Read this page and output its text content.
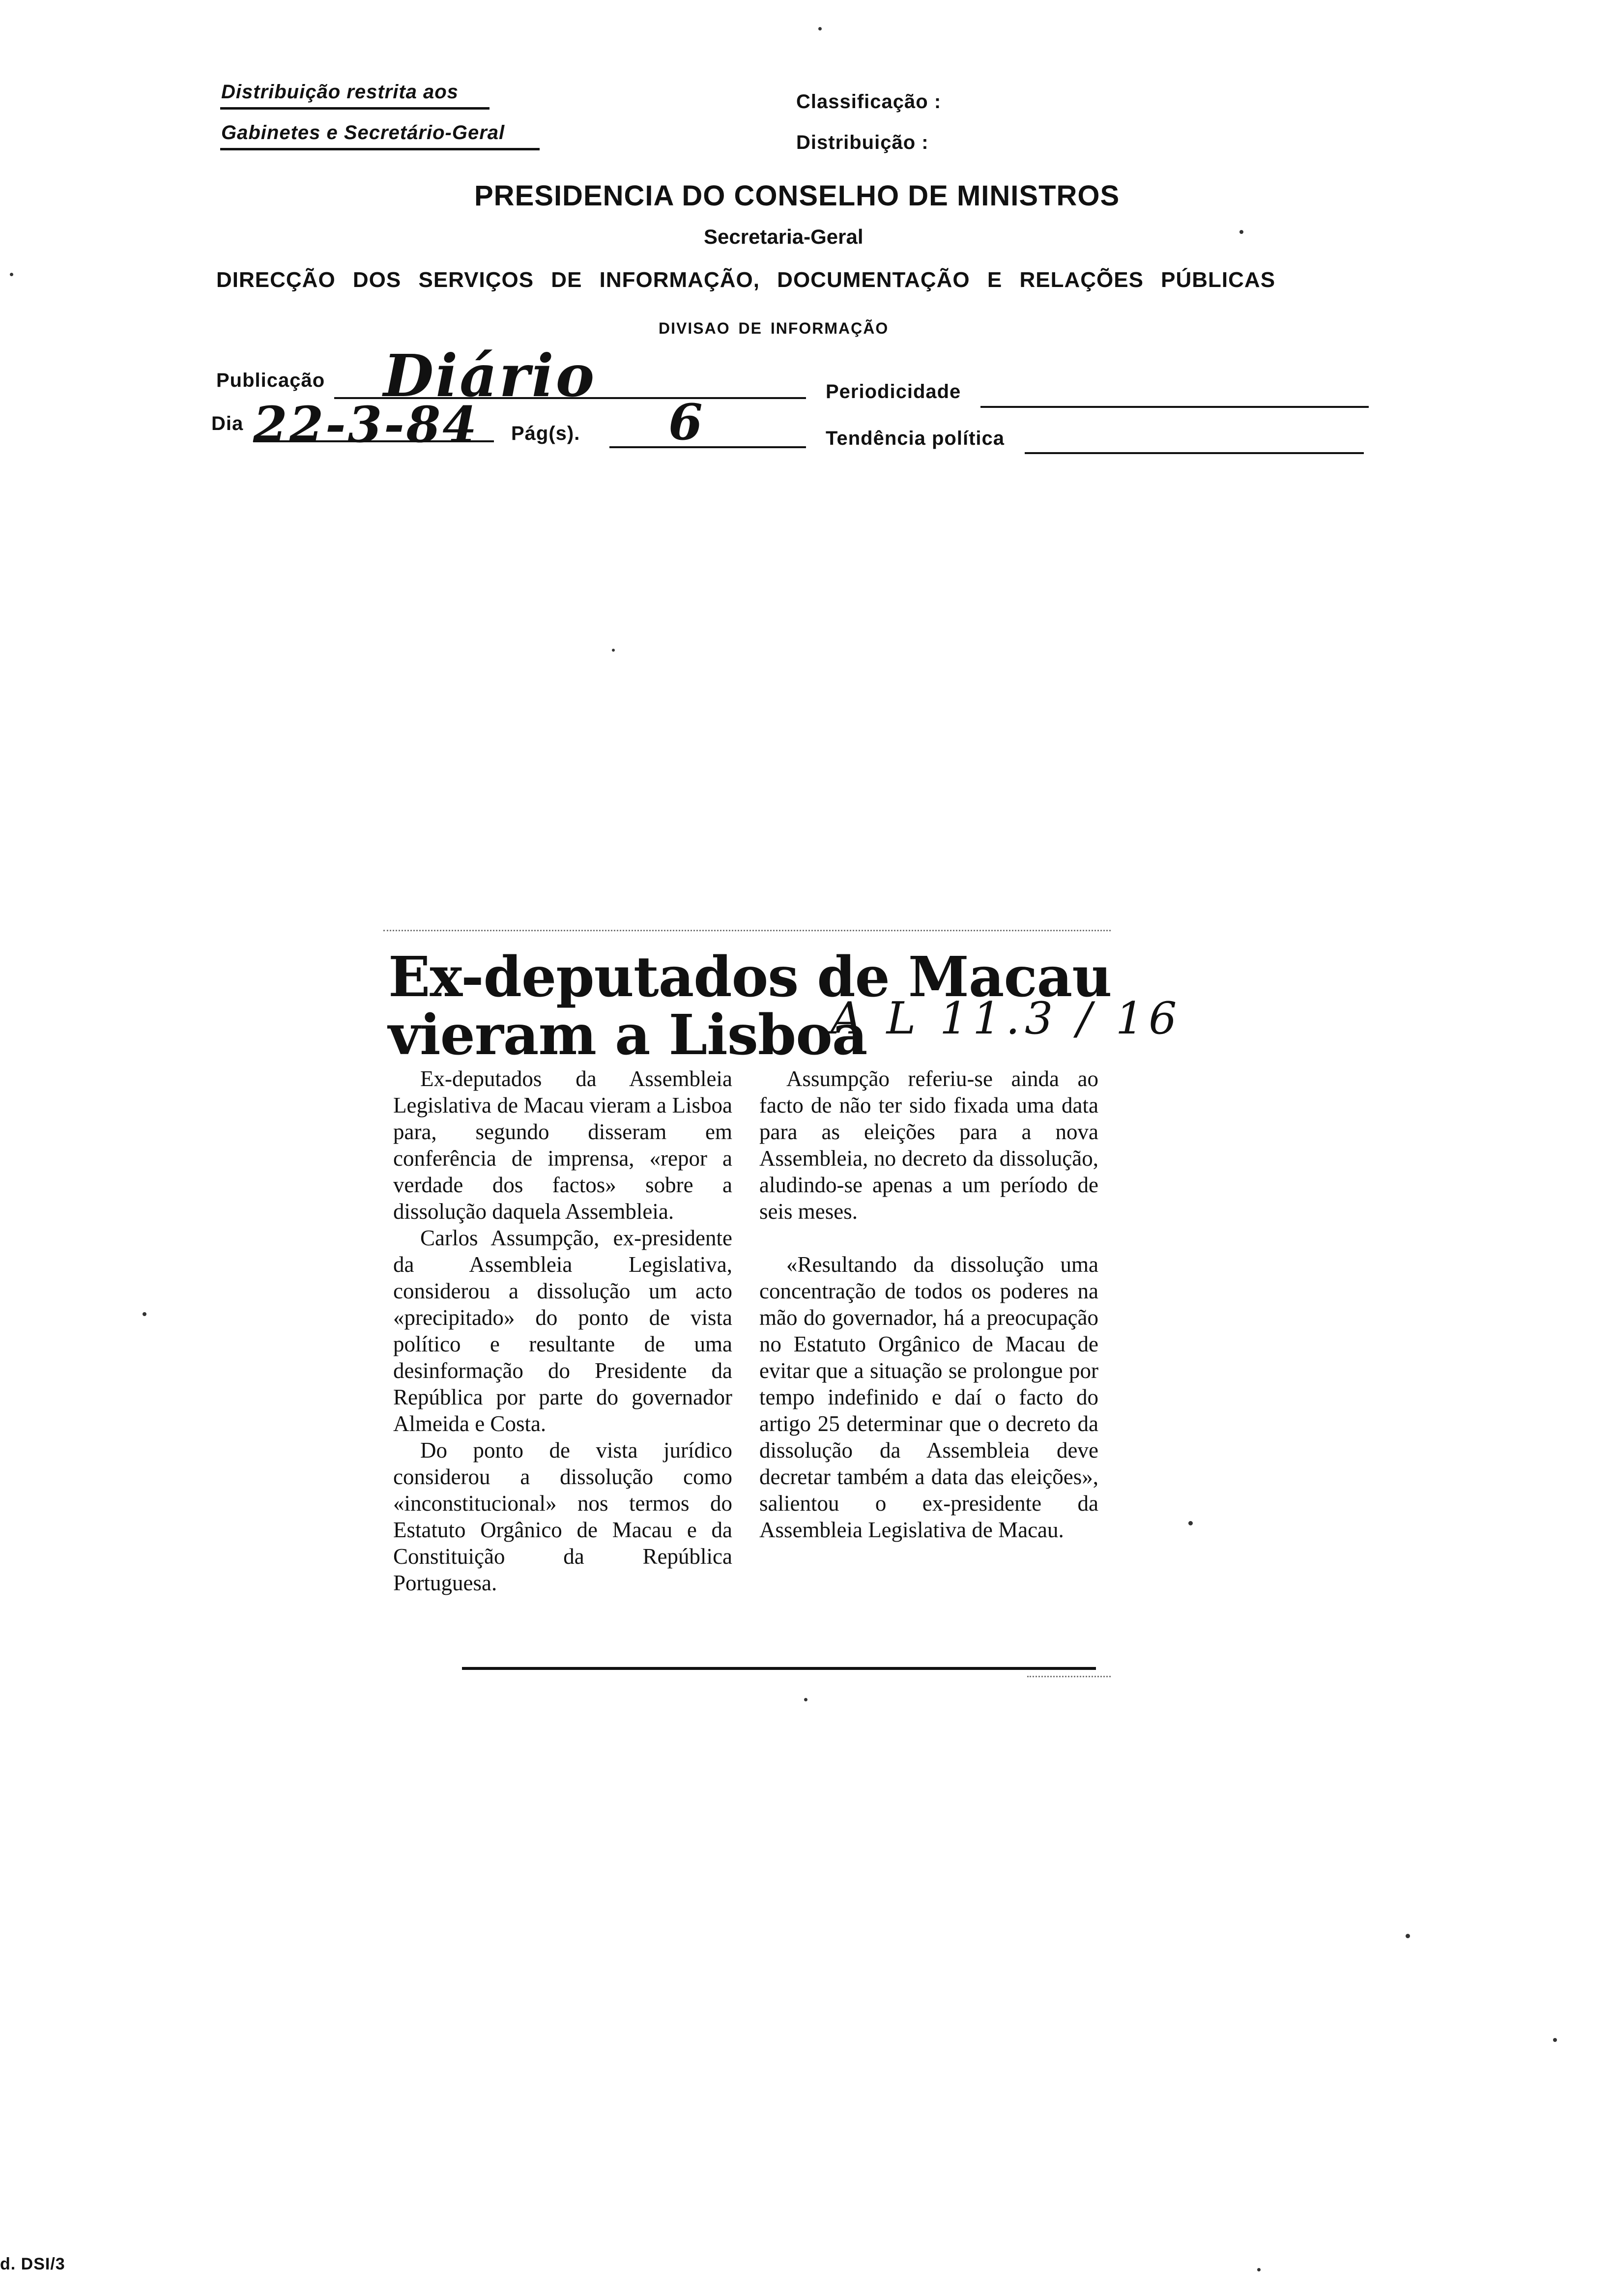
Distribuição restrita aos
Gabinetes e Secretário-Geral
Classificação :
Distribuição :
PRESIDENCIA DO CONSELHO DE MINISTROS
Secretaria-Geral
DIRECÇÃO DOS SERVIÇOS DE INFORMAÇÃO, DOCUMENTAÇÃO E RELAÇÕES PÚBLICAS
DIVISAO DE INFORMAÇÃO
Publicação Diário	Periodicidade
Dia 22-3-84 Pág(s). 6	Tendência política
Ex-deputados de Macau
vieram a Lisboa
A L 11.3 / 16

Ex-deputados da Assembleia Legislativa de Macau vieram a Lisboa para, segundo disseram em conferência de imprensa, «repor a verdade dos factos» sobre a dissolução daquela Assembleia.

Carlos Assumpção, ex-presidente da Assembleia Legislativa, considerou a dissolução um acto «precipitado» do ponto de vista político e resultante de uma desinformação do Presidente da República por parte do governador Almeida e Costa.

Do ponto de vista jurídico considerou a dissolução como «inconstitucional» nos termos do Estatuto Orgânico de Macau e da Constituição da República Portuguesa.

Assumpção referiu-se ainda ao facto de não ter sido fixada uma data para as eleições para a nova Assembleia, no decreto da dissolução, aludindo-se apenas a um período de seis meses.

«Resultando da dissolução uma concentração de todos os poderes na mão do governador, há a preocupação no Estatuto Orgânico de Macau de evitar que a situação se prolongue por tempo indefinido e daí o facto do artigo 25 determinar que o decreto da dissolução da Assembleia deve decretar também a data das eleições», salientou o ex-presidente da Assembleia Legislativa de Macau.

d. DSI/3
